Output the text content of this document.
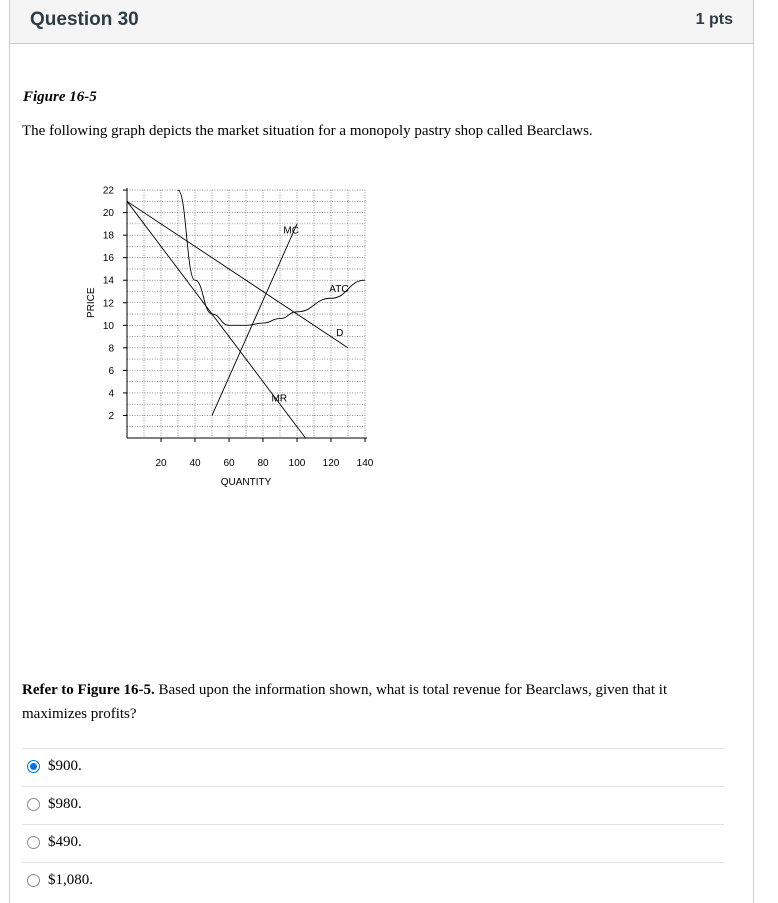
Question 30	1 pts
Figure 16-5
The following graph depicts the market situation for a monopoly pastry shop called Bearclaws.
22
20
18
16
14
12
10
8
6
4
2
20 40 60 80 100 120 140
QUANTITY
PRICE
MC
ATC
D
MR
Refer to Figure 16-5. Based upon the information shown, what is total revenue for Bearclaws, given that it maximizes profits?
$900.
$980.
$490.
$1,080.
